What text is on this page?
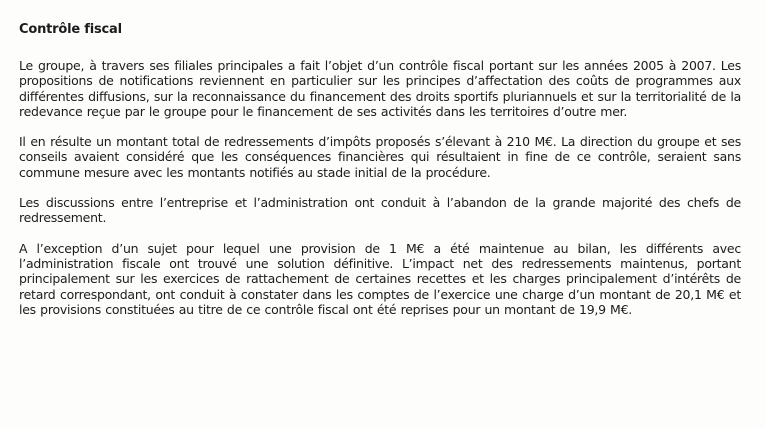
Contrôle fiscal

Le groupe, à travers ses filiales principales a fait l’objet d’un contrôle fiscal portant sur les années 2005 à 2007. Les propositions de notifications reviennent en particulier sur les principes d’affectation des coûts de programmes aux différentes diffusions, sur la reconnaissance du financement des droits sportifs pluriannuels et sur la territorialité de la redevance reçue par le groupe pour le financement de ses activités dans les territoires d’outre mer.

Il en résulte un montant total de redressements d’impôts proposés s’élevant à 210 M€. La direction du groupe et ses conseils avaient considéré que les conséquences financières qui résultaient in fine de ce contrôle, seraient sans commune mesure avec les montants notifiés au stade initial de la procédure.

Les discussions entre l’entreprise et l’administration ont conduit à l’abandon de la grande majorité des chefs de redressement.

A l’exception d’un sujet pour lequel une provision de 1 M€ a été maintenue au bilan, les différents avec l’administration fiscale ont trouvé une solution définitive. L’impact net des redressements maintenus, portant principalement sur les exercices de rattachement de certaines recettes et les charges principalement d’intérêts de retard correspondant, ont conduit à constater dans les comptes de l’exercice une charge d’un montant de 20,1 M€ et les provisions constituées au titre de ce contrôle fiscal ont été reprises pour un montant de 19,9 M€.
